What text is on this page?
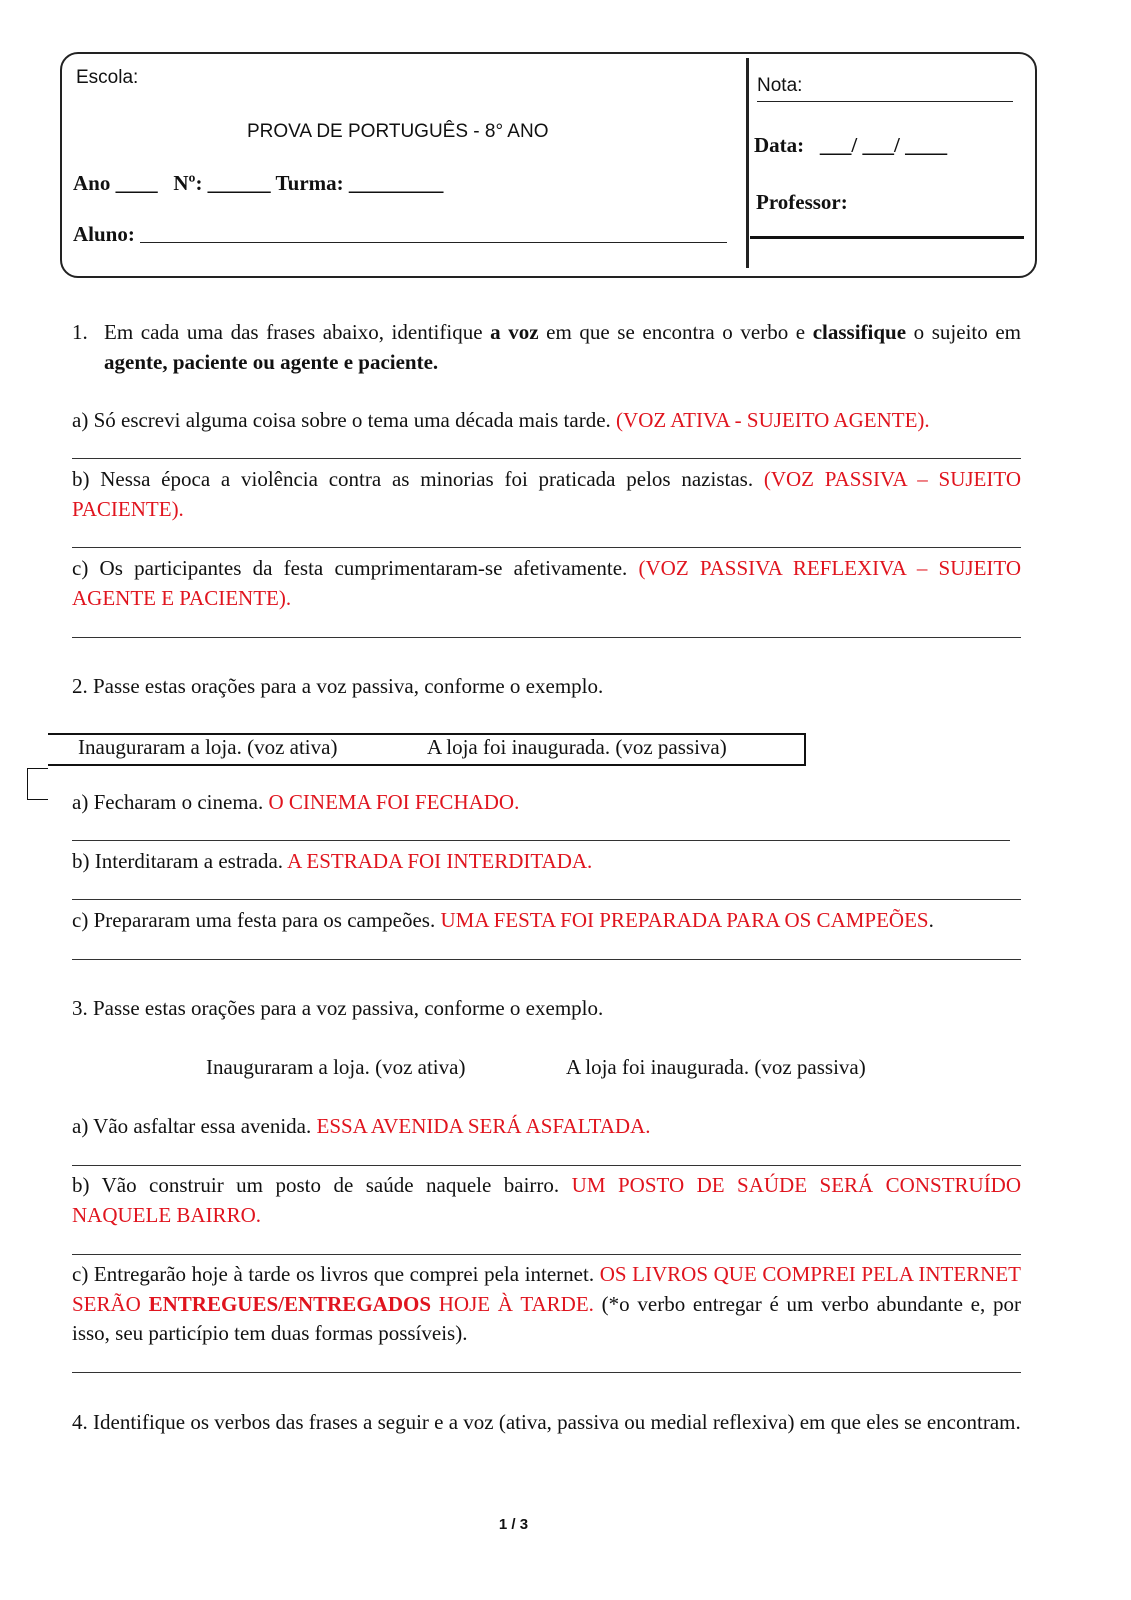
Escola:
PROVA DE PORTUGUÊS - 8° ANO
Ano ____   Nº: ______ Turma: _________
Aluno:
Nota:
Data:   ___/ ___/ ____
Professor:
1. Em cada uma das frases abaixo, identifique a voz em que se encontra o verbo e classifique o sujeito em agente, paciente ou agente e paciente.
a) Só escrevi alguma coisa sobre o tema uma década mais tarde. (VOZ ATIVA - SUJEITO AGENTE).
b) Nessa época a violência contra as minorias foi praticada pelos nazistas. (VOZ PASSIVA – SUJEITO PACIENTE).
c) Os participantes da festa cumprimentaram-se afetivamente. (VOZ PASSIVA REFLEXIVA – SUJEITO AGENTE E PACIENTE).
2. Passe estas orações para a voz passiva, conforme o exemplo.
Inauguraram a loja. (voz ativa)	A loja foi inaugurada. (voz passiva)
a) Fecharam o cinema. O CINEMA FOI FECHADO.
b) Interditaram a estrada. A ESTRADA FOI INTERDITADA.
c) Prepararam uma festa para os campeões. UMA FESTA FOI PREPARADA PARA OS CAMPEÕES.
3. Passe estas orações para a voz passiva, conforme o exemplo.
Inauguraram a loja. (voz ativa)	A loja foi inaugurada. (voz passiva)
a) Vão asfaltar essa avenida. ESSA AVENIDA SERÁ ASFALTADA.
b) Vão construir um posto de saúde naquele bairro. UM POSTO DE SAÚDE SERÁ CONSTRUÍDO NAQUELE BAIRRO.
c) Entregarão hoje à tarde os livros que comprei pela internet. OS LIVROS QUE COMPREI PELA INTERNET SERÃO ENTREGUES/ENTREGADOS HOJE À TARDE. (*o verbo entregar é um verbo abundante e, por isso, seu particípio tem duas formas possíveis).
4. Identifique os verbos das frases a seguir e a voz (ativa, passiva ou medial reflexiva) em que eles se encontram.
1 / 3
